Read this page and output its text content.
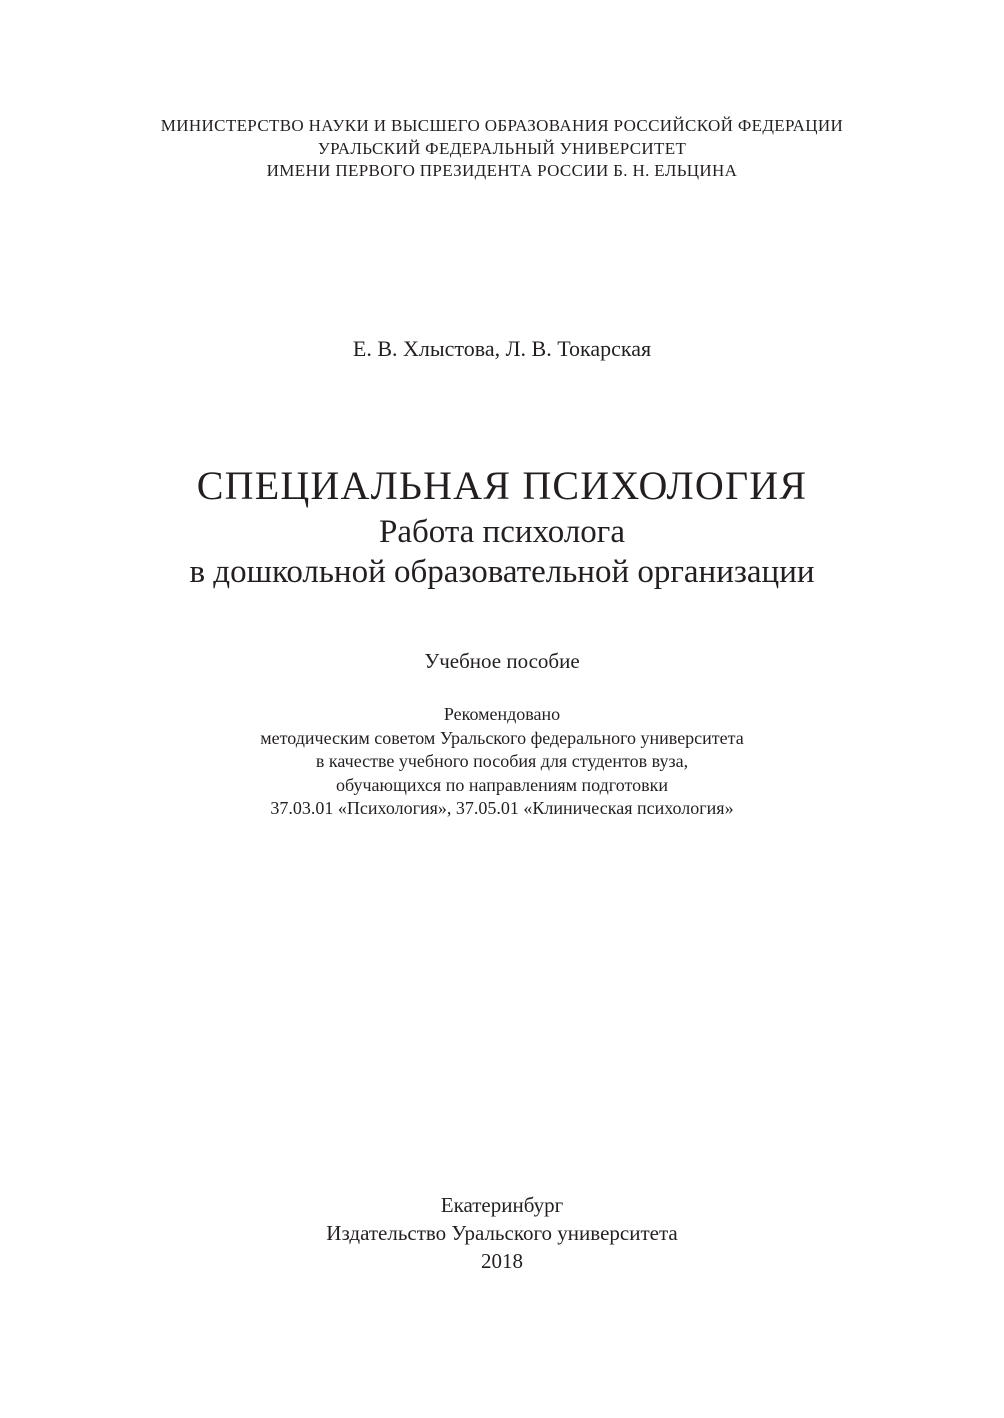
МИНИСТЕРСТВО НАУКИ И ВЫСШЕГО ОБРАЗОВАНИЯ РОССИЙСКОЙ ФЕДЕРАЦИИ
УРАЛЬСКИЙ ФЕДЕРАЛЬНЫЙ УНИВЕРСИТЕТ
ИМЕНИ ПЕРВОГО ПРЕЗИДЕНТА РОССИИ Б. Н. ЕЛЬЦИНА
Е. В. Хлыстова, Л. В. Токарская
СПЕЦИАЛЬНАЯ ПСИХОЛОГИЯ
Работа психолога
в дошкольной образовательной организации
Учебное пособие
Рекомендовано
методическим советом Уральского федерального университета
в качестве учебного пособия для студентов вуза,
обучающихся по направлениям подготовки
37.03.01 «Психология», 37.05.01 «Клиническая психология»
Екатеринбург
Издательство Уральского университета
2018
